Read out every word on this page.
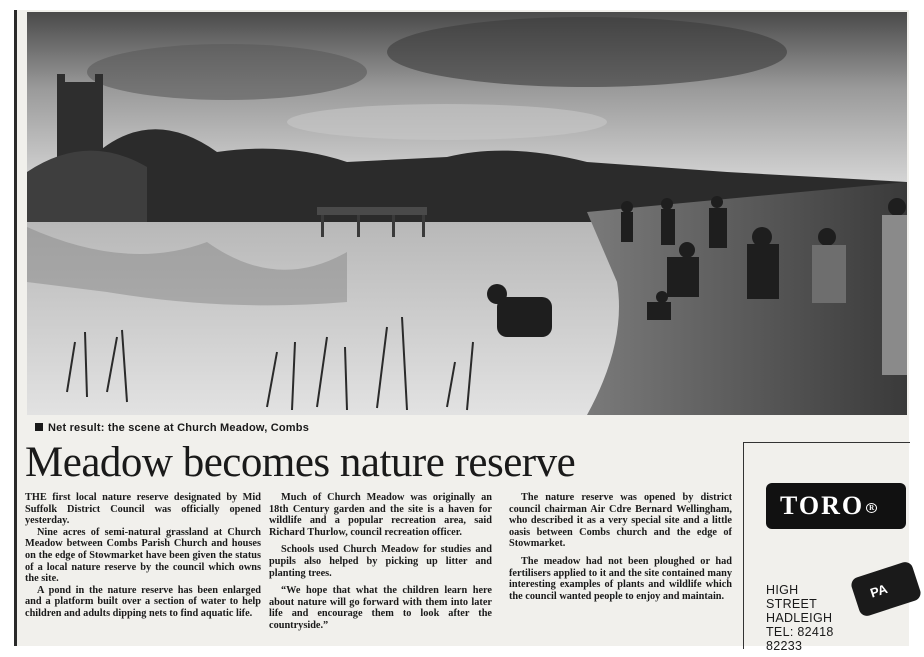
Net result: the scene at Church Meadow, Combs
Meadow becomes nature reserve

THE first local nature reserve designated by Mid Suffolk District Council was officially opened yesterday.

Nine acres of semi-natural grassland at Church Meadow between Combs Parish Church and houses on the edge of Stowmarket have been given the status of a local nature reserve by the council which owns the site.

A pond in the nature reserve has been enlarged and a platform built over a section of water to help children and adults dipping nets to find aquatic life.

Much of Church Meadow was originally an 18th Century garden and the site is a haven for wildlife and a popular recreation area, said Richard Thurlow, council recreation officer.

Schools used Church Meadow for studies and pupils also helped by picking up litter and planting trees.

“We hope that what the children learn here about nature will go forward with them into later life and encourage them to look after the countryside.”

The nature reserve was opened by district council chairman Air Cdre Bernard Wellingham, who described it as a very special site and a little oasis between Combs church and the edge of Stowmarket.

The meadow had not been ploughed or had fertilisers applied to it and the site contained many interesting examples of plants and wildlife which the council wanted people to enjoy and maintain.

TORO R
PA
HIGH
STREET
HADLEIGH
TEL: 82418
82233
